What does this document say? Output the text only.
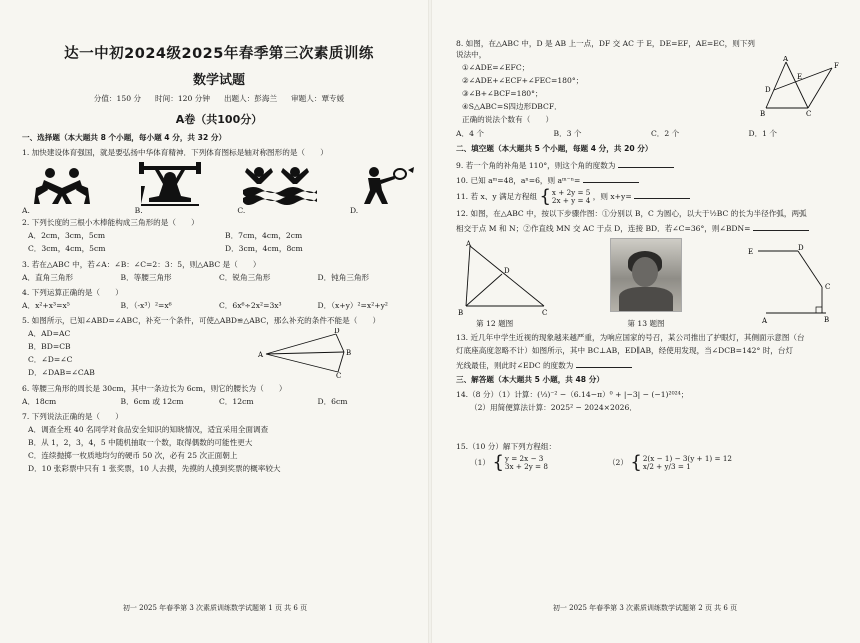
达一中初2024级2025年春季第三次素质训练
数学试题
分值：150 分 时间：120 分钟 出题人：彭海兰 审题人：覃专媛
A卷（共100分）
一、选择题（本大题共 8 个小题，每小题 4 分，共 32 分）
1. 加快建设体育强国，就是要弘扬中华体育精神．下列体育图标是轴对称图形的是（　　）
A.	B.	C.	D.
2. 下列长度的三根小木棒能构成三角形的是（　　）
A．2cm，3cm，5cm	B．7cm，4cm，2cm
C．3cm，4cm，5cm	D．3cm，4cm，8cm
3. 若在△ABC 中，若∠A：∠B：∠C=2：3：5，则△ABC 是（　　）
A．直角三角形	B．等腰三角形	C．锐角三角形	D．钝角三角形
4. 下列运算正确的是（　　）
A．x²+x³=x⁵	B．（-x³）²=x⁶	C．6x⁶÷2x²=3x³	D．（x+y）²=x²+y²
5. 如图所示，已知∠ABD=∠ABC，补充一个条件，可使△ABD≌△ABC，那么补充的条件不能是（　　）
A．AD=AC
B．BD=CB
C．∠D=∠C
D．∠DAB=∠CAB
D
A	B
C
6. 等腰三角形的周长是 30cm，其中一条边长为 6cm，则它的腰长为（　　）
A．18cm	B．6cm 或 12cm	C．12cm	D．6cm
7. 下列说法正确的是（　　）
A．调查全班 40 名同学对食品安全知识的知晓情况，适宜采用全面调查
B．从 1，2，3，4，5 中随机抽取一个数，取得偶数的可能性更大
C．连续抛掷一枚质地均匀的硬币 50 次，必有 25 次正面朝上
D．10 张彩票中只有 1 张奖票，10 人去摸，先摸的人摸到奖票的概率较大
初一 2025 年春季第 3 次素质训练数学试题第 1 页 共 6 页
8. 如图，在△ABC 中，D 是 AB 上一点，DF 交 AC 于 E，DE=EF，AE=EC，则下列说法中，
①∠ADE=∠EFC；
②∠ADE+∠ECF+∠FEC=180°；
③∠B+∠BCF=180°；
④S△ABC=S四边形DBCF．
正确的说法个数有（　　）
A
F
E
D
B	C
A．4 个	B．3 个	C．2 个	D．1 个
二、填空题（本大题共 5 个小题，每题 4 分，共 20 分）
9. 若一个角的补角是 110°，则这个角的度数为
10. 已知 aᵐ=48，aⁿ=6，则 aᵐ⁻ⁿ=
11. 若 x、y 满足方程组 { x + 2y = 5
2x + y = 4 ，则 x+y=
12. 如图，在△ABC 中，按以下步骤作图：①分别以 B，C 为圆心，以大于½BC 的长为半径作弧，两弧
相交于点 M 和 N；②作直线 MN 交 AC 于点 D，连接 BD．若∠C=36°，则∠BDN=
A
D
B	C
第 12 题图	第 13 题图
E	D
B
C
A
13. 近几年中学生近视的现象越来越严重，为响应国家的号召，某公司推出了护眼灯，其侧面示意图（台
灯底座高度忽略不计）如图所示，其中 BC⊥AB，ED∥AB，经使用发现，当∠DCB=142° 时，台灯
光线最佳，则此时∠EDC 的度数为
三、解答题（本大题共 5 小题，共 48 分）
14.（8 分）（1）计算：(⅓)⁻² −（6.14−π）⁰ + |−3| − (−1)²⁰²⁴；
（2）用简便算法计算：2025² − 2024×2026．
15.（10 分）解下列方程组：
（1） { y = 2x − 3
3x + 2y = 8	（2） { 2(x − 1) − 3(y + 1) = 12
x/2 + y/3 = 1
初一 2025 年春季第 3 次素质训练数学试题第 2 页 共 6 页
